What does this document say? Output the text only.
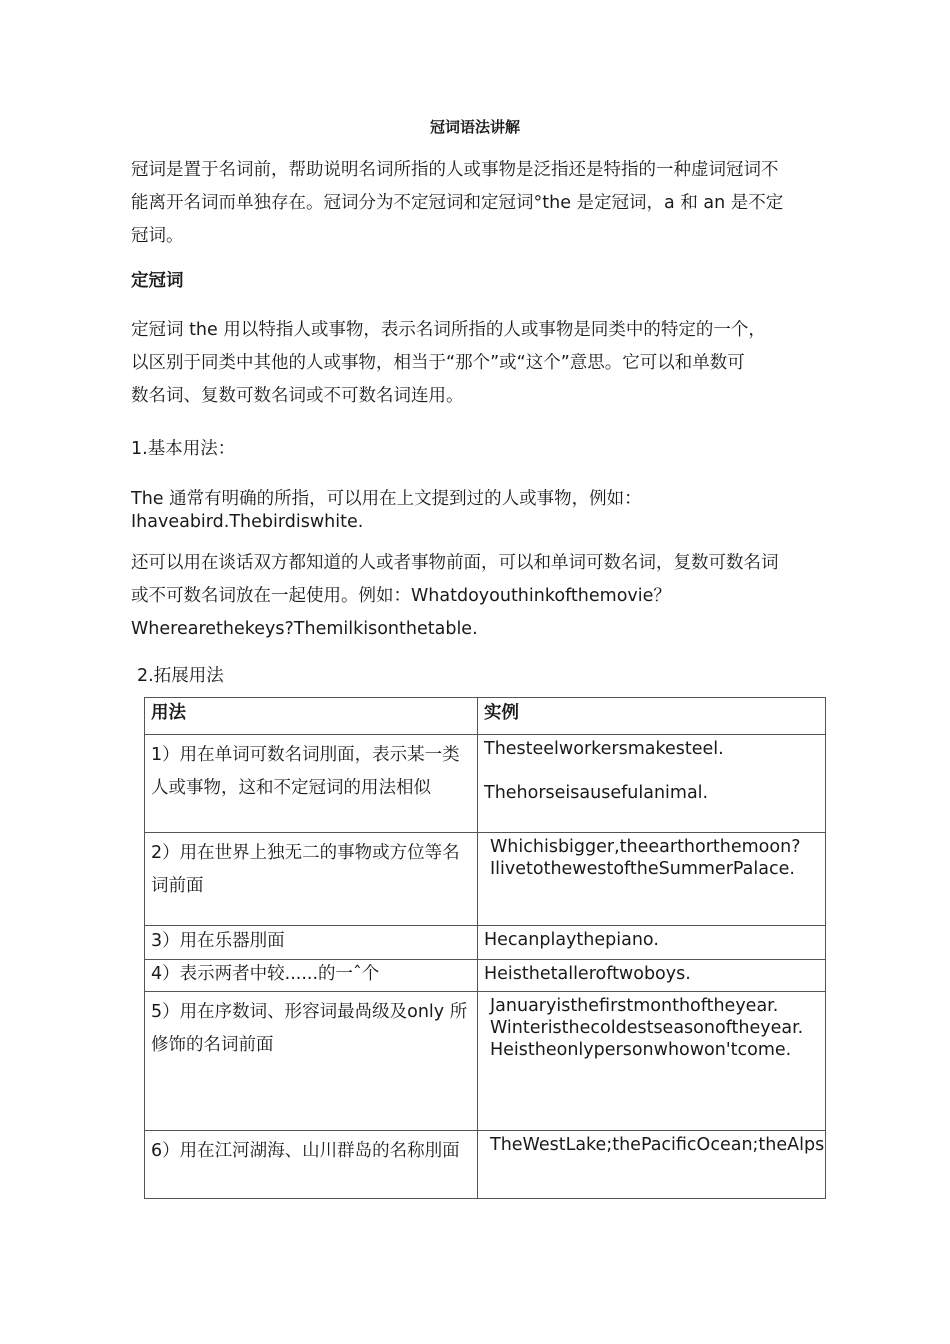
冠词语法讲解
冠词是置于名词前，帮助说明名词所指的人或事物是泛指还是特指的一种虚词冠词不
能离开名词而单独存在。冠词分为不定冠词和定冠词°the 是定冠词，a 和 an 是不定
冠词。
定冠词
定冠词 the 用以特指人或事物，表示名词所指的人或事物是同类中的特定的一个，
以区别于同类中其他的人或事物，相当于“那个”或“这个”意思。它可以和单数可
数名词、复数可数名词或不可数名词连用。
1.基本用法：
The 通常有明确的所指，可以用在上文提到过的人或事物，例如：
Ihaveabird.Thebirdiswhite.
还可以用在谈话双方都知道的人或者事物前面，可以和单词可数名词，复数可数名词
或不可数名词放在一起使用。例如：Whatdoyouthinkofthemovie？
Wherearethekeys?Themilkisonthetable.
2.拓展用法
用法	实例
1）用在单词可数名词刖面，表示某一类人或事物，这和不定冠词的用法相似	Thesteelworkersmakesteel.
Thehorseisausefulanimal.

2）用在世界上独无二的事物或方位等名词前面	Whichisbigger,theearthorthemoon?
IlivetothewestoftheSummerPalace.
3）用在乐器刖面	Hecanplaythepiano.

4）表示两者中较......的一ˆ个	Heisthetalleroftwoboys.

5）用在序数词、形容词最咼级及only 所修饰的名词前面	Januaryisthefirstmonthoftheyear.
Winteristhecoldestseasonoftheyear.
Heistheonlypersonwhowon'tcome.
6）用在江河湖海、山川群岛的名称刖面	TheWestLake;thePacificOcean;theAlps
